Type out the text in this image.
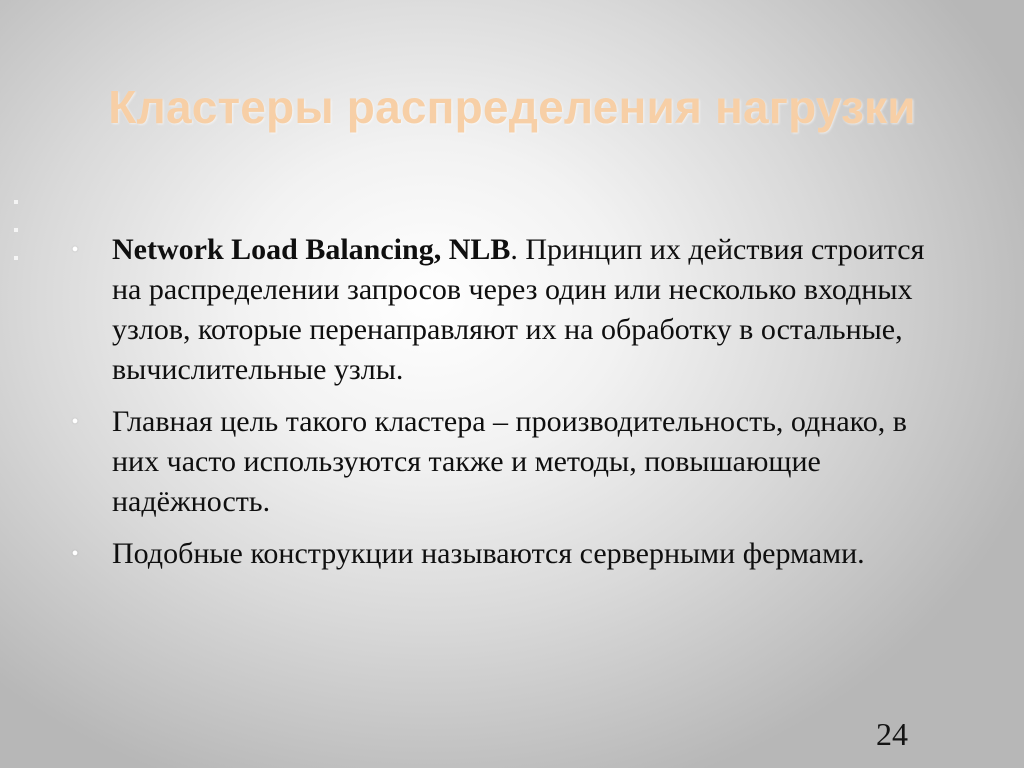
Кластеры распределения нагрузки
•	Network Load Balancing, NLB. Принцип их действия строится на распределении запросов через один или несколько входных узлов, которые перенаправляют их на обработку в остальные, вычислительные узлы.
•	Главная цель такого кластера – производительность, однако, в них часто используются также и методы, повышающие надёжность.
•	Подобные конструкции называются серверными фермами.
24
